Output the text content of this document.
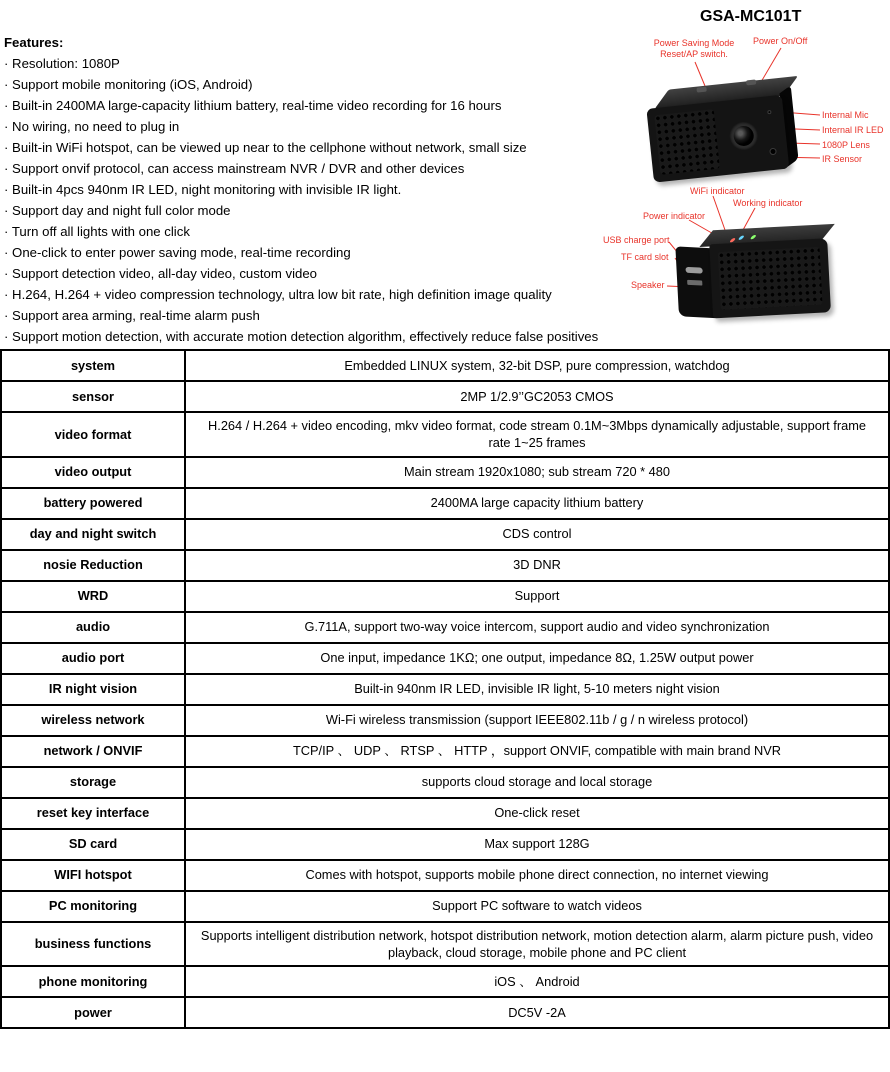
GSA-MC101T
Features:
· Resolution: 1080P
· Support mobile monitoring (iOS, Android)
· Built-in 2400MA large-capacity lithium battery, real-time video recording for 16 hours
· No wiring, no need to plug in
· Built-in WiFi hotspot, can be viewed up near to the cellphone without network, small size
· Support onvif protocol, can access mainstream NVR / DVR and other devices
· Built-in 4pcs 940nm IR LED, night monitoring with invisible IR light.
· Support day and night full color mode
· Turn off all lights with one click
· One-click to enter power saving mode, real-time recording
· Support detection video, all-day video, custom video
· H.264, H.264 + video compression technology, ultra low bit rate, high definition image quality
· Support area arming, real-time alarm push
· Support motion detection, with accurate motion detection algorithm, effectively reduce false positives
Power Saving Mode Reset/AP switch.
Power On/Off
Internal Mic
Internal IR LED
1080P Lens
IR Sensor
WiFi indicator
Working indicator
Power indicator
USB charge port
TF card slot
Speaker
system	Embedded LINUX system, 32-bit DSP, pure compression, watchdog
sensor	2MP 1/2.9’’GC2053 CMOS
video format	H.264 / H.264 + video encoding, mkv video format, code stream 0.1M~3Mbps dynamically adjustable, support frame rate 1~25 frames
video output	Main stream 1920x1080; sub stream 720 * 480
battery powered	2400MA large capacity lithium battery
day and night switch	CDS control
nosie Reduction	3D DNR
WRD	Support
audio	G.711A, support two-way voice intercom, support audio and video synchronization
audio port	One input, impedance 1KΩ; one output, impedance 8Ω, 1.25W output power
IR night vision	Built-in 940nm IR LED, invisible IR light, 5-10 meters night vision
wireless network	Wi-Fi wireless transmission (support IEEE802.11b / g / n wireless protocol)
network / ONVIF	TCP/IP 、 UDP 、 RTSP 、 HTTP ，support ONVIF, compatible with main brand NVR
storage	supports cloud storage and local storage
reset key interface	One-click reset
SD card	Max support 128G
WIFI hotspot	Comes with hotspot, supports mobile phone direct connection, no internet viewing
PC monitoring	Support PC software to watch videos
business functions	Supports intelligent distribution network, hotspot distribution network, motion detection alarm, alarm picture push, video playback, cloud storage, mobile phone and PC client
phone monitoring	iOS 、 Android
power	DC5V -2A
